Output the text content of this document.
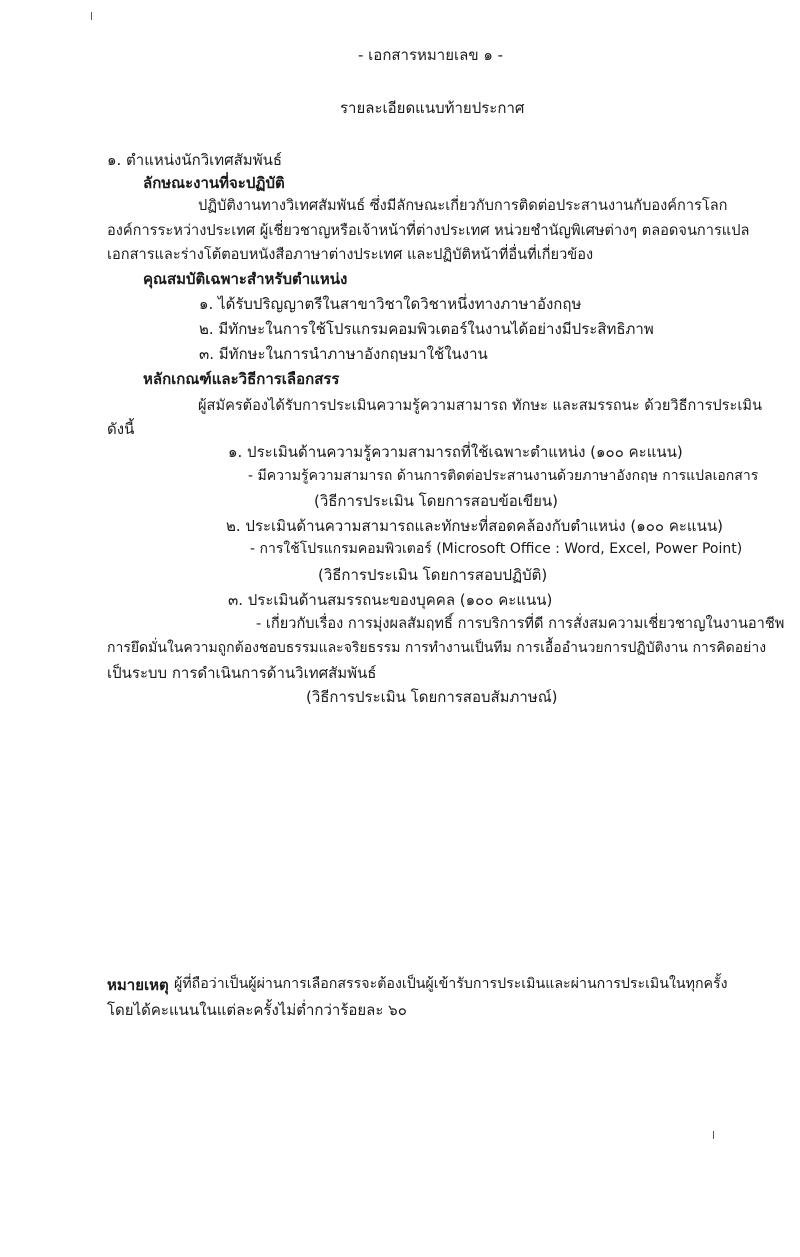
- เอกสารหมายเลข ๑ -
รายละเอียดแนบท้ายประกาศ
๑. ตำแหน่งนักวิเทศสัมพันธ์
ลักษณะงานที่จะปฏิบัติ
ปฏิบัติงานทางวิเทศสัมพันธ์ ซึ่งมีลักษณะเกี่ยวกับการติดต่อประสานงานกับองค์การโลก
องค์การระหว่างประเทศ ผู้เชี่ยวชาญหรือเจ้าหน้าที่ต่างประเทศ หน่วยชำนัญพิเศษต่างๆ ตลอดจนการแปล
เอกสารและร่างโต้ตอบหนังสือภาษาต่างประเทศ และปฏิบัติหน้าที่อื่นที่เกี่ยวข้อง
คุณสมบัติเฉพาะสำหรับตำแหน่ง
๑. ได้รับปริญญาตรีในสาขาวิชาใดวิชาหนึ่งทางภาษาอังกฤษ
๒. มีทักษะในการใช้โปรแกรมคอมพิวเตอร์ในงานได้อย่างมีประสิทธิภาพ
๓. มีทักษะในการนำภาษาอังกฤษมาใช้ในงาน
หลักเกณฑ์และวิธีการเลือกสรร
ผู้สมัครต้องได้รับการประเมินความรู้ความสามารถ ทักษะ และสมรรถนะ ด้วยวิธีการประเมิน
ดังนี้
๑. ประเมินด้านความรู้ความสามารถที่ใช้เฉพาะตำแหน่ง (๑๐๐ คะแนน)
- มีความรู้ความสามารถ ด้านการติดต่อประสานงานด้วยภาษาอังกฤษ การแปลเอกสาร
(วิธีการประเมิน โดยการสอบข้อเขียน)
๒. ประเมินด้านความสามารถและทักษะที่สอดคล้องกับตำแหน่ง (๑๐๐ คะแนน)
- การใช้โปรแกรมคอมพิวเตอร์ (Microsoft Office : Word, Excel, Power Point)
(วิธีการประเมิน โดยการสอบปฏิบัติ)
๓. ประเมินด้านสมรรถนะของบุคคล (๑๐๐ คะแนน)
- เกี่ยวกับเรื่อง การมุ่งผลสัมฤทธิ์ การบริการที่ดี การสั่งสมความเชี่ยวชาญในงานอาชีพ
การยึดมั่นในความถูกต้องชอบธรรมและจริยธรรม การทำงานเป็นทีม การเอื้ออำนวยการปฏิบัติงาน การคิดอย่าง
เป็นระบบ การดำเนินการด้านวิเทศสัมพันธ์
(วิธีการประเมิน โดยการสอบสัมภาษณ์)
หมายเหตุ ผู้ที่ถือว่าเป็นผู้ผ่านการเลือกสรรจะต้องเป็นผู้เข้ารับการประเมินและผ่านการประเมินในทุกครั้ง
โดยได้คะแนนในแต่ละครั้งไม่ต่ำกว่าร้อยละ ๖๐
